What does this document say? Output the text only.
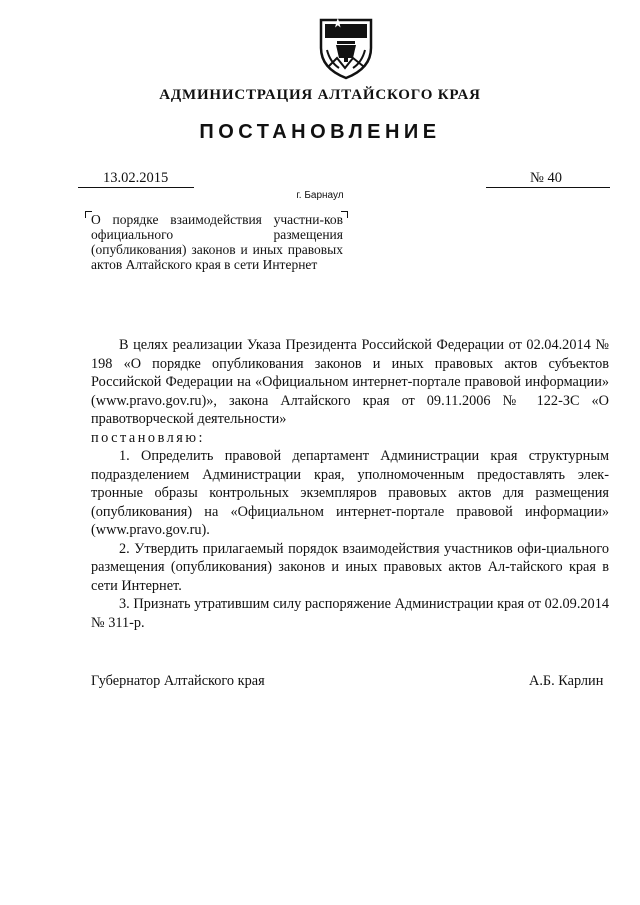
АДМИНИСТРАЦИЯ АЛТАЙСКОГО КРАЯ
ПОСТАНОВЛЕНИЕ
13.02.2015	№ 40
г. Барнаул
О порядке взаимодействия участни-ков официального размещения (опубликования) законов и иных правовых актов Алтайского края в сети Интернет

В целях реализации Указа Президента Российской Федерации от 02.04.2014 № 198 «О порядке опубликования законов и иных правовых актов субъектов Российской Федерации на «Официальном интернет-портале правовой информации» (www.pravo.gov.ru)», закона Алтайского края от 09.11.2006 № 122-ЗС «О правотворческой деятельности»

постановляю:

1. Определить правовой департамент Администрации края структурным подразделением Администрации края, уполномоченным предоставлять элек-тронные образы контрольных экземпляров правовых актов для размещения (опубликования) на «Официальном интернет-портале правовой информации» (www.pravo.gov.ru).

2. Утвердить прилагаемый порядок взаимодействия участников офи-циального размещения (опубликования) законов и иных правовых актов Ал-тайского края в сети Интернет.

3. Признать утратившим силу распоряжение Администрации края от 02.09.2014 № 311-р.

Губернатор Алтайского края	А.Б. Карлин
